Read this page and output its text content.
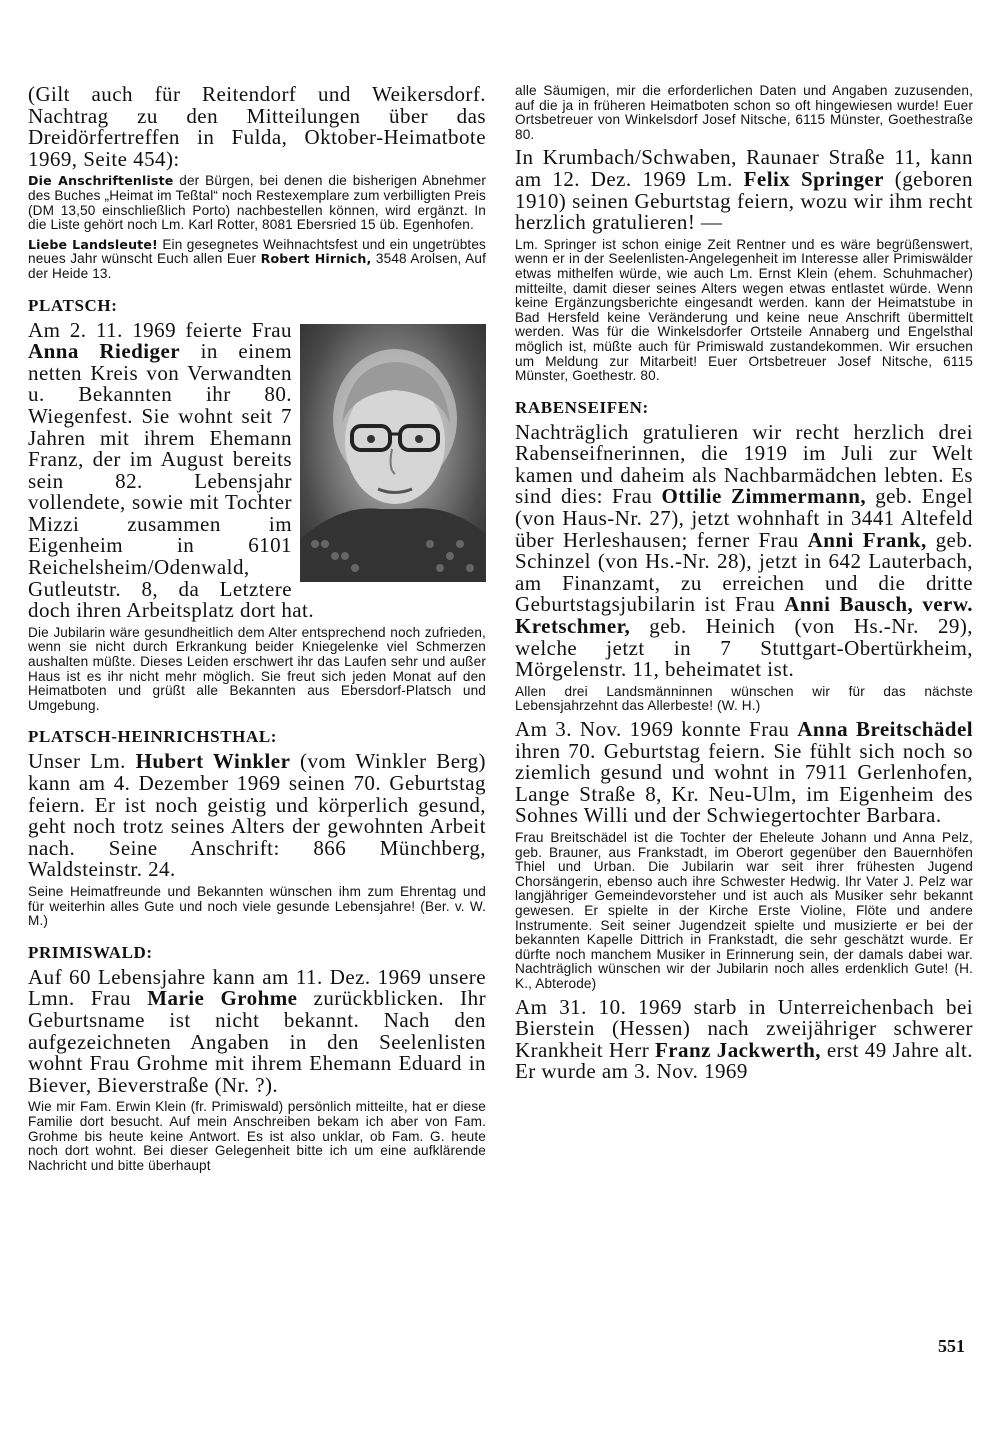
(Gilt auch für Reitendorf und Weikersdorf. Nachtrag zu den Mitteilungen über das Dreidörfertreffen in Fulda, Oktober-Heimatbote 1969, Seite 454):

Die Anschriftenliste der Bürgen, bei denen die bisherigen Abnehmer des Buches „Heimat im Teßtal“ noch Restexemplare zum verbilligten Preis (DM 13,50 einschließlich Porto) nachbestellen können, wird ergänzt. In die Liste gehört noch Lm. Karl Rotter, 8081 Ebersried 15 üb. Egenhofen.

Liebe Landsleute! Ein gesegnetes Weihnachtsfest und ein ungetrübtes neues Jahr wünscht Euch allen Euer Robert Hirnich, 3548 Arolsen, Auf der Heide 13.

PLATSCH:

Am 2. 11. 1969 feierte Frau Anna Riediger in einem netten Kreis von Verwandten u. Bekannten ihr 80. Wiegenfest. Sie wohnt seit 7 Jahren mit ihrem Ehemann Franz, der im August bereits sein 82. Lebensjahr vollendete, sowie mit Tochter Mizzi zusammen im Eigenheim in 6101 Reichelsheim/Odenwald, Gutleutstr. 8, da Letztere doch ihren Arbeitsplatz dort hat.

Die Jubilarin wäre gesundheitlich dem Alter entsprechend noch zufrieden, wenn sie nicht durch Erkrankung beider Kniegelenke viel Schmerzen aushalten müßte. Dieses Leiden erschwert ihr das Laufen sehr und außer Haus ist es ihr nicht mehr möglich. Sie freut sich jeden Monat auf den Heimatboten und grüßt alle Bekannten aus Ebersdorf-Platsch und Umgebung.

PLATSCH-HEINRICHSTHAL:

Unser Lm. Hubert Winkler (vom Winkler Berg) kann am 4. Dezember 1969 seinen 70. Geburtstag feiern. Er ist noch geistig und körperlich gesund, geht noch trotz seines Alters der gewohnten Arbeit nach. Seine Anschrift: 866 Münchberg, Waldsteinstr. 24.

Seine Heimatfreunde und Bekannten wünschen ihm zum Ehrentag und für weiterhin alles Gute und noch viele gesunde Lebensjahre! (Ber. v. W. M.)

PRIMISWALD:

Auf 60 Lebensjahre kann am 11. Dez. 1969 unsere Lmn. Frau Marie Grohme zurückblicken. Ihr Geburtsname ist nicht bekannt. Nach den aufgezeichneten Angaben in den Seelenlisten wohnt Frau Grohme mit ihrem Ehemann Eduard in Biever, Bieverstraße (Nr. ?).

Wie mir Fam. Erwin Klein (fr. Primiswald) persönlich mitteilte, hat er diese Familie dort besucht. Auf mein Anschreiben bekam ich aber von Fam. Grohme bis heute keine Antwort. Es ist also unklar, ob Fam. G. heute noch dort wohnt. Bei dieser Gelegenheit bitte ich um eine aufklärende Nachricht und bitte überhaupt

alle Säumigen, mir die erforderlichen Daten und Angaben zuzusenden, auf die ja in früheren Heimatboten schon so oft hingewiesen wurde! Euer Ortsbetreuer von Winkelsdorf Josef Nitsche, 6115 Münster, Goethestraße 80.

In Krumbach/Schwaben, Raunaer Straße 11, kann am 12. Dez. 1969 Lm. Felix Springer (geboren 1910) seinen Geburtstag feiern, wozu wir ihm recht herzlich gratulieren! —

Lm. Springer ist schon einige Zeit Rentner und es wäre begrüßenswert, wenn er in der Seelenlisten-Angelegenheit im Interesse aller Primiswälder etwas mithelfen würde, wie auch Lm. Ernst Klein (ehem. Schuhmacher) mitteilte, damit dieser seines Alters wegen etwas entlastet würde. Wenn keine Ergänzungsberichte eingesandt werden. kann der Heimatstube in Bad Hersfeld keine Veränderung und keine neue Anschrift übermittelt werden. Was für die Winkelsdorfer Ortsteile Annaberg und Engelsthal möglich ist, müßte auch für Primiswald zustandekommen. Wir ersuchen um Meldung zur Mitarbeit! Euer Ortsbetreuer Josef Nitsche, 6115 Münster, Goethestr. 80.

RABENSEIFEN:

Nachträglich gratulieren wir recht herzlich drei Rabenseifnerinnen, die 1919 im Juli zur Welt kamen und daheim als Nachbarmädchen lebten. Es sind dies: Frau Ottilie Zimmermann, geb. Engel (von Haus-Nr. 27), jetzt wohnhaft in 3441 Altefeld über Herleshausen; ferner Frau Anni Frank, geb. Schinzel (von Hs.-Nr. 28), jetzt in 642 Lauterbach, am Finanzamt, zu erreichen und die dritte Geburtstagsjubilarin ist Frau Anni Bausch, verw. Kretschmer, geb. Heinich (von Hs.-Nr. 29), welche jetzt in 7 Stuttgart-Obertürkheim, Mörgelenstr. 11, beheimatet ist.

Allen drei Landsmänninnen wünschen wir für das nächste Lebensjahrzehnt das Allerbeste! (W. H.)

Am 3. Nov. 1969 konnte Frau Anna Breitschädel ihren 70. Geburtstag feiern. Sie fühlt sich noch so ziemlich gesund und wohnt in 7911 Gerlenhofen, Lange Straße 8, Kr. Neu-Ulm, im Eigenheim des Sohnes Willi und der Schwiegertochter Barbara.

Frau Breitschädel ist die Tochter der Eheleute Johann und Anna Pelz, geb. Brauner, aus Frankstadt, im Oberort gegenüber den Bauernhöfen Thiel und Urban. Die Jubilarin war seit ihrer frühesten Jugend Chorsängerin, ebenso auch ihre Schwester Hedwig. Ihr Vater J. Pelz war langjähriger Gemeindevorsteher und ist auch als Musiker sehr bekannt gewesen. Er spielte in der Kirche Erste Violine, Flöte und andere Instrumente. Seit seiner Jugendzeit spielte und musizierte er bei der bekannten Kapelle Dittrich in Frankstadt, die sehr geschätzt wurde. Er dürfte noch manchem Musiker in Erinnerung sein, der damals dabei war. Nachträglich wünschen wir der Jubilarin noch alles erdenklich Gute! (H. K., Abterode)

Am 31. 10. 1969 starb in Unterreichenbach bei Bierstein (Hessen) nach zweijähriger schwerer Krankheit Herr Franz Jackwerth, erst 49 Jahre alt. Er wurde am 3. Nov. 1969

551
